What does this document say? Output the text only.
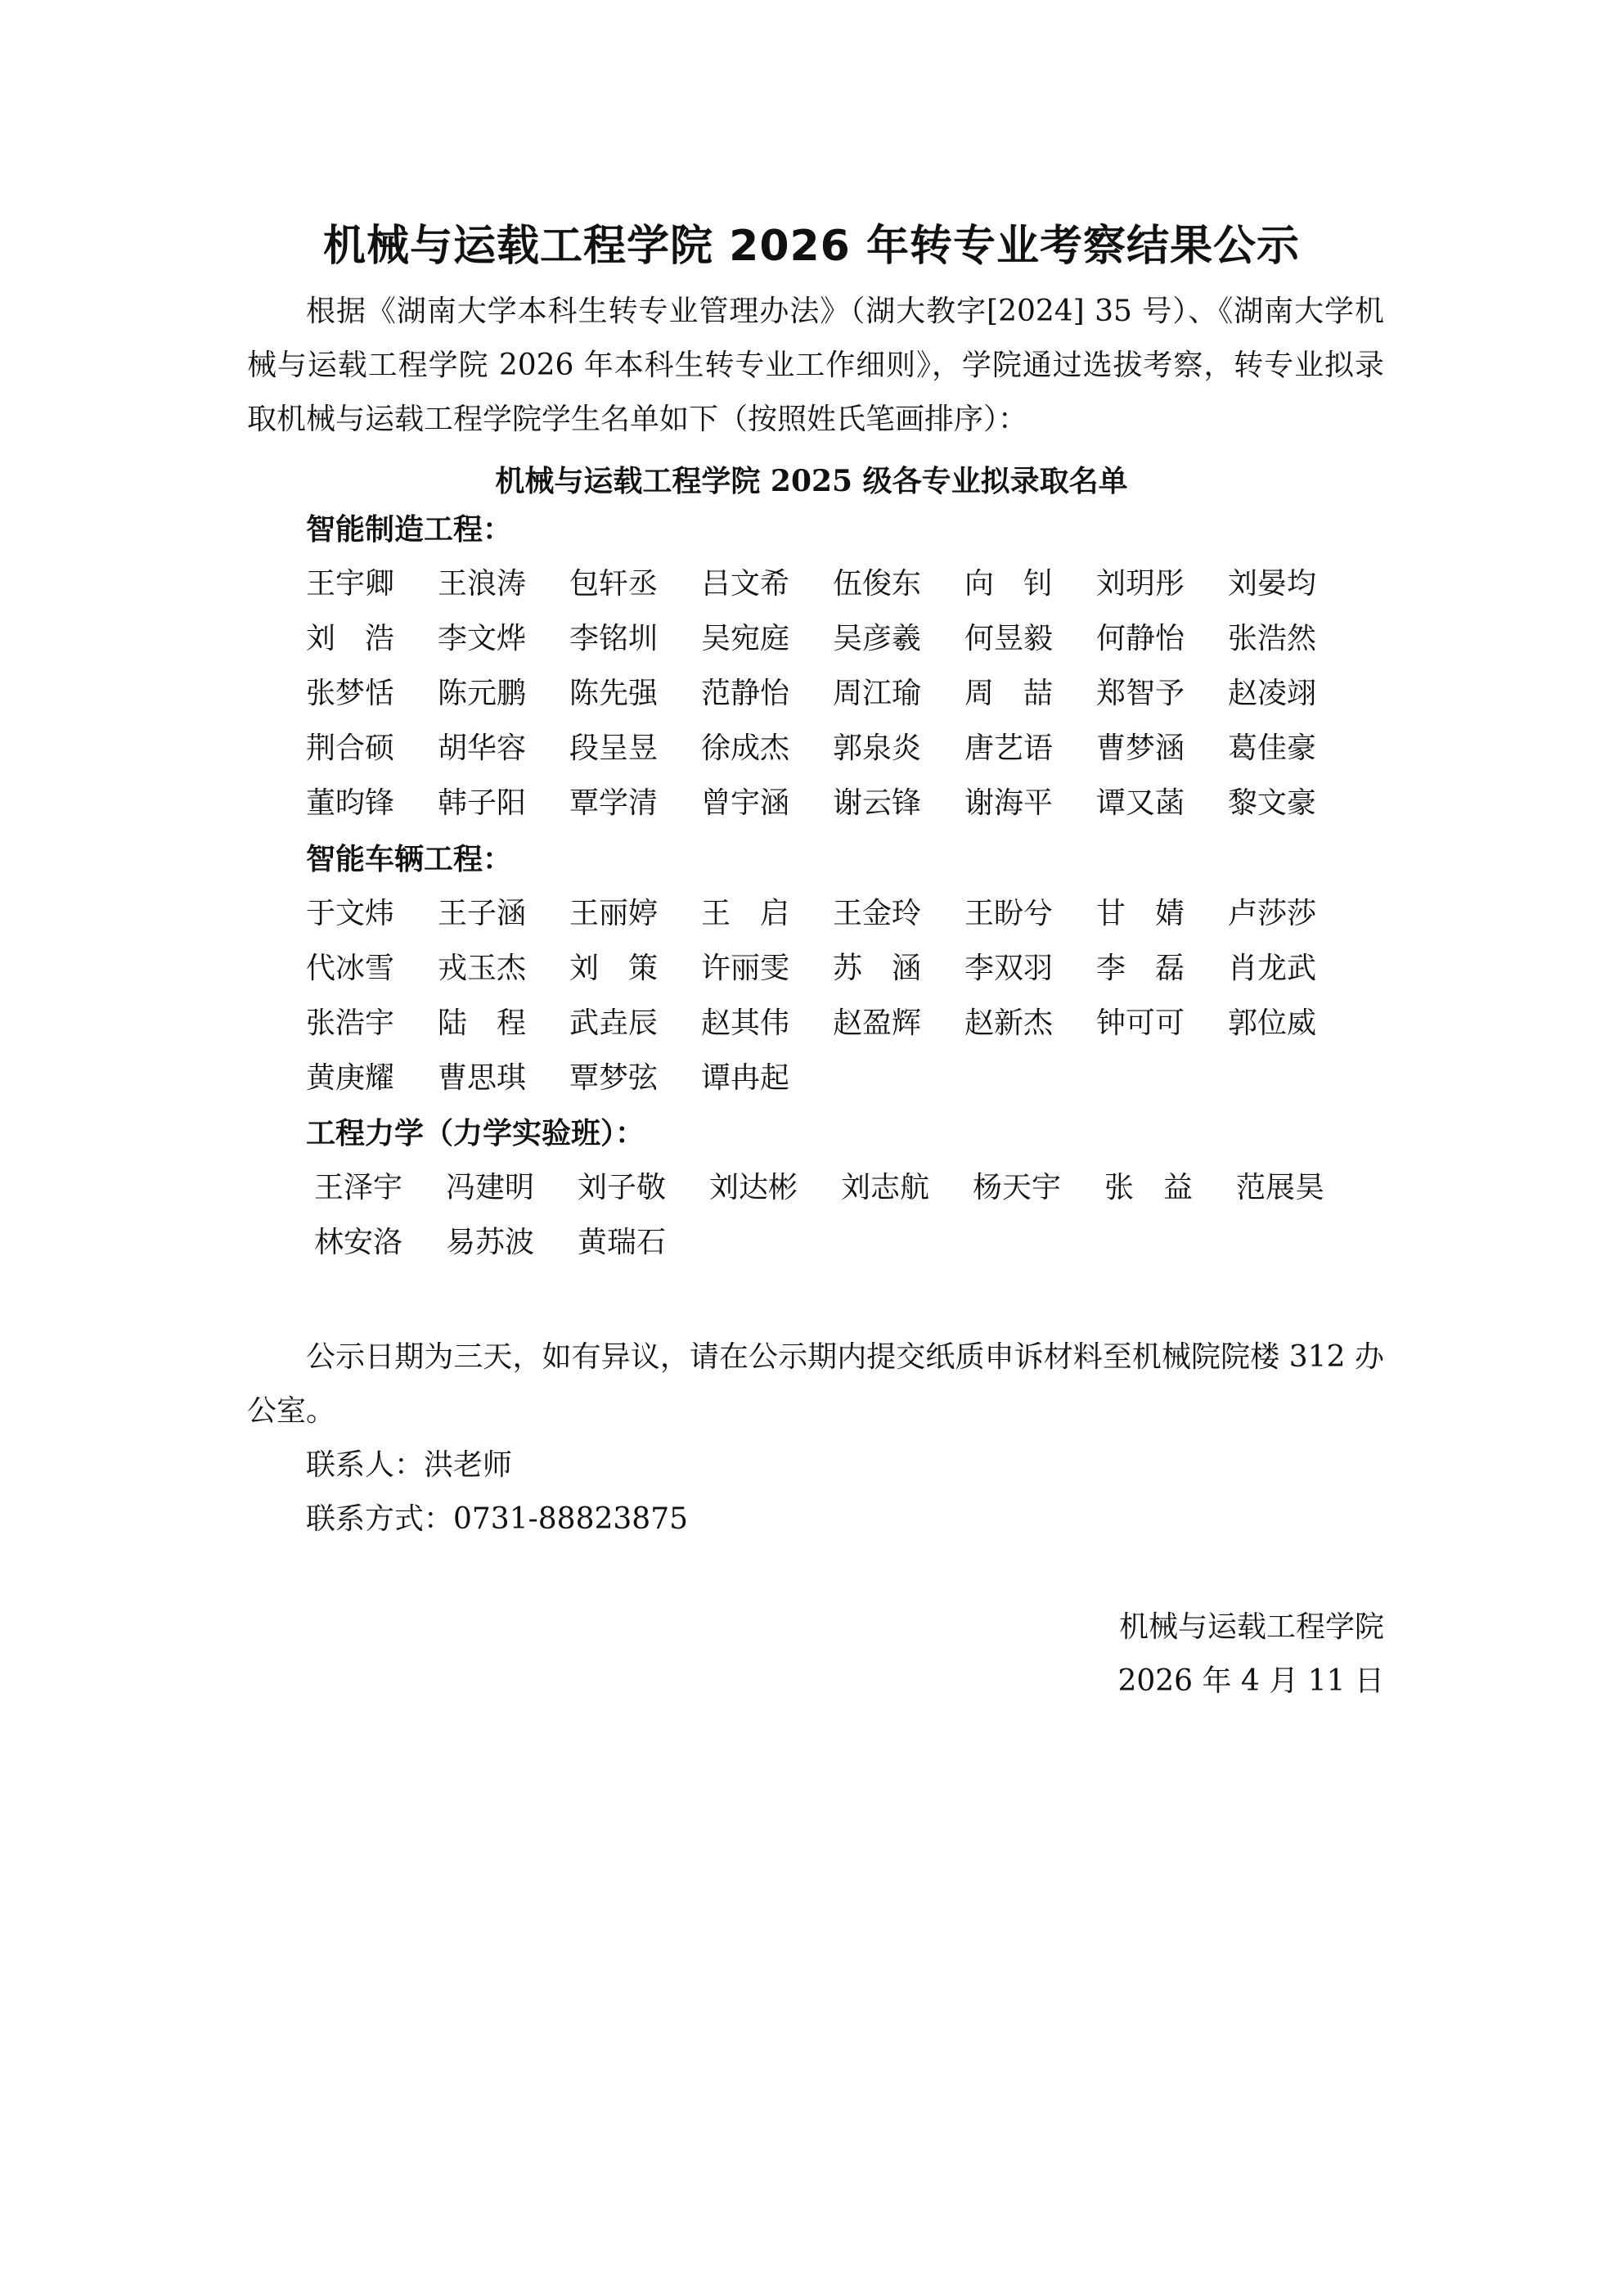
机械与运载工程学院 2026 年转专业考察结果公示
根据《湖南大学本科生转专业管理办法》（湖大教字[2024] 35 号）、《湖南大学机械与运载工程学院 2026 年本科生转专业工作细则》，学院通过选拔考察，转专业拟录取机械与运载工程学院学生名单如下（按照姓氏笔画排序）：
机械与运载工程学院 2025 级各专业拟录取名单
智能制造工程：
王宇卿	王浪涛	包轩丞	吕文希	伍俊东	向　钊	刘玥彤	刘晏均
刘　浩	李文烨	李铭圳	吴宛庭	吴彦羲	何昱毅	何静怡	张浩然
张梦恬	陈元鹏	陈先强	范静怡	周江瑜	周　喆	郑智予	赵凌翊
荆合硕	胡华容	段呈昱	徐成杰	郭泉炎	唐艺语	曹梦涵	葛佳豪
董昀锋	韩子阳	覃学清	曾宇涵	谢云锋	谢海平	谭又菡	黎文豪
智能车辆工程：
于文炜	王子涵	王丽婷	王　启	王金玲	王盼兮	甘　婧	卢莎莎
代冰雪	戎玉杰	刘　策	许丽雯	苏　涵	李双羽	李　磊	肖龙武
张浩宇	陆　程	武垚辰	赵其伟	赵盈辉	赵新杰	钟可可	郭位威
黄庚耀	曹思琪	覃梦弦	谭冉起
工程力学（力学实验班）：
王泽宇	冯建明	刘子敬	刘达彬	刘志航	杨天宇	张　益	范展昊
林安洛	易苏波	黄瑞石
公示日期为三天，如有异议，请在公示期内提交纸质申诉材料至机械院院楼 312 办公室。
联系人：洪老师
联系方式：0731-88823875
机械与运载工程学院
2026 年 4 月 11 日
